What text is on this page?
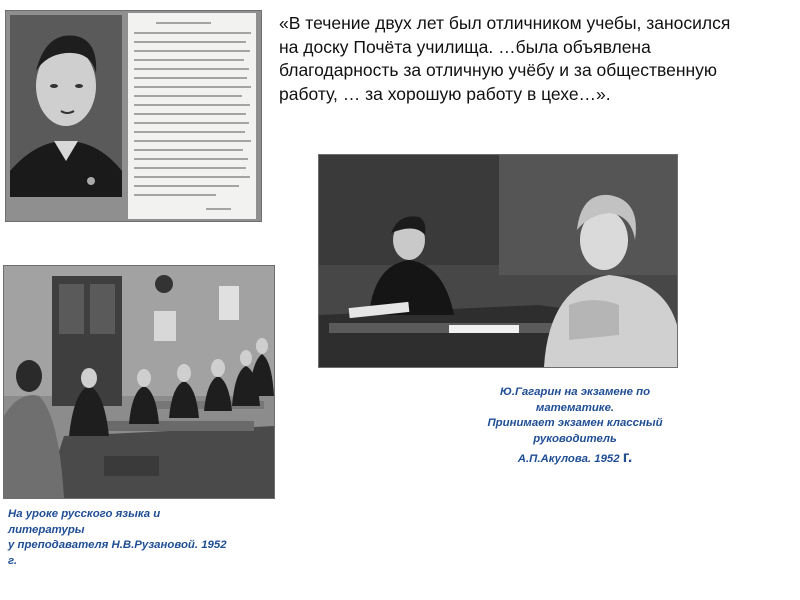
«В течение двух лет был отличником учебы, заносился на доску Почёта училища. …была объявлена благодарность за отличную учёбу и за общественную работу, … за хорошую работу в цехе…».

Ю.Гагарин на экзамене по
математике.
Принимает экзамен классный
руководитель
А.П.Акулова. 1952 г.

На уроке русского языка и
литературы
у преподавателя Н.В.Рузановой. 1952
г.
